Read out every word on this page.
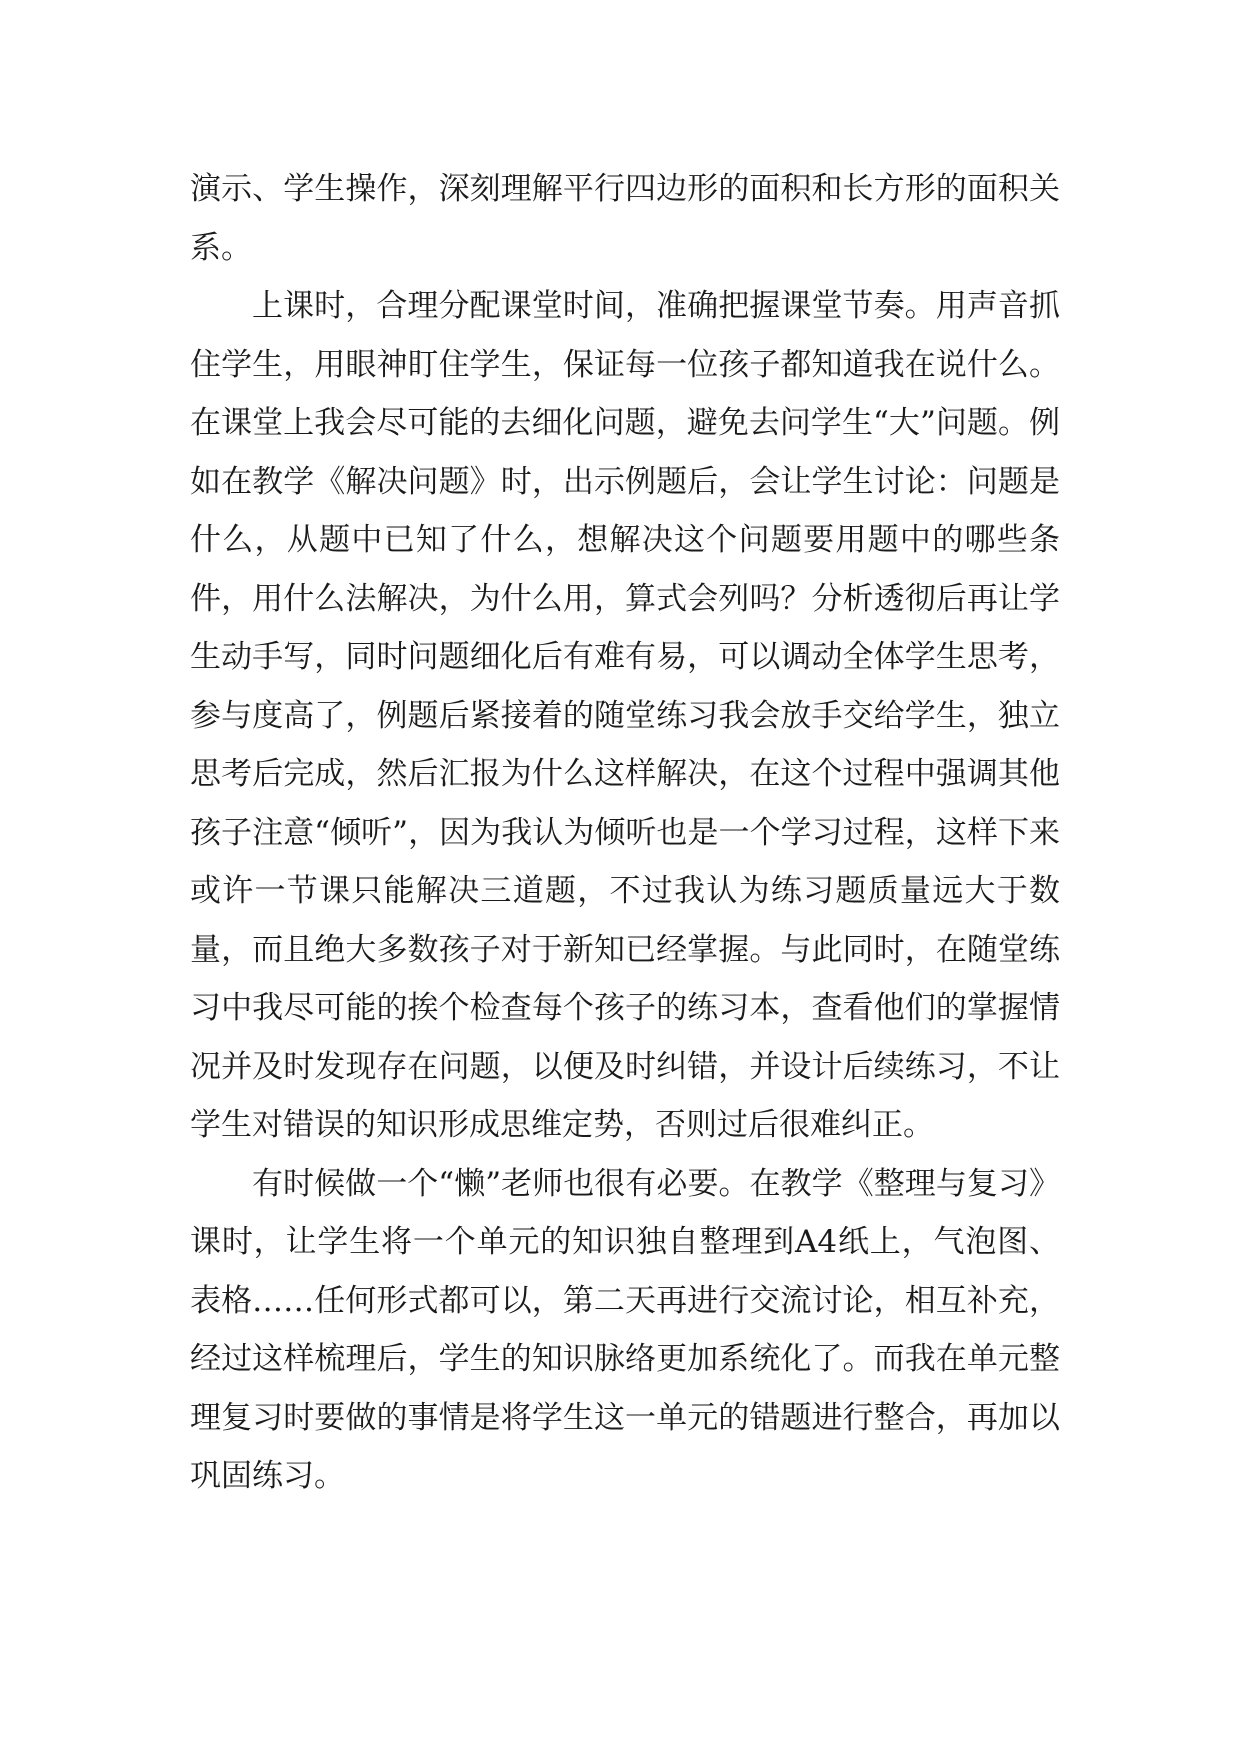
演示、学生操作，深刻理解平行四边形的面积和长方形的面积关系。

上课时，合理分配课堂时间，准确把握课堂节奏。用声音抓住学生，用眼神盯住学生，保证每一位孩子都知道我在说什么。在课堂上我会尽可能的去细化问题，避免去问学生“大”问题。例如在教学《解决问题》时，出示例题后，会让学生讨论：问题是什么，从题中已知了什么，想解决这个问题要用题中的哪些条件，用什么法解决，为什么用，算式会列吗？分析透彻后再让学生动手写，同时问题细化后有难有易，可以调动全体学生思考，参与度高了，例题后紧接着的随堂练习我会放手交给学生，独立思考后完成，然后汇报为什么这样解决，在这个过程中强调其他孩子注意“倾听”，因为我认为倾听也是一个学习过程，这样下来或许一节课只能解决三道题，不过我认为练习题质量远大于数量，而且绝大多数孩子对于新知已经掌握。与此同时，在随堂练习中我尽可能的挨个检查每个孩子的练习本，查看他们的掌握情况并及时发现存在问题，以便及时纠错，并设计后续练习，不让学生对错误的知识形成思维定势，否则过后很难纠正。

有时候做一个“懒”老师也很有必要。在教学《整理与复习》课时，让学生将一个单元的知识独自整理到A4纸上，气泡图、表格……任何形式都可以，第二天再进行交流讨论，相互补充，经过这样梳理后，学生的知识脉络更加系统化了。而我在单元整理复习时要做的事情是将学生这一单元的错题进行整合，再加以巩固练习。
